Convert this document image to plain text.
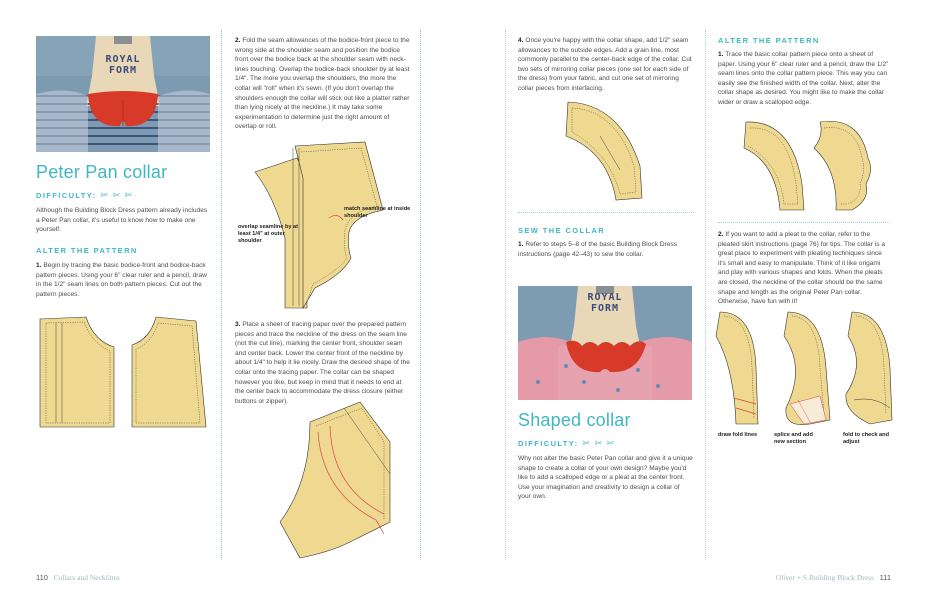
ROYAL FORM
Peter Pan collar
DIFFICULTY: ✂ ✂ ✂
Although the Building Block Dress pattern already includes a Peter Pan collar, it's useful to know how to make one yourself.
ALTER THE PATTERN
1. Begin by tracing the basic bodice-front and bodice-back pattern pieces. Using your 6" clear ruler and a pencil, draw in the 1/2" seam lines on both pattern pieces. Cut out the pattern pieces.
2. Fold the seam allowances of the bodice-front piece to the wrong side at the shoulder seam and position the bodice front over the bodice back at the shoulder seam with neck-lines touching. Overlap the bodice-back shoulder by at least 1/4". The more you overlap the shoulders, the more the collar will "roll" when it's sewn. (If you don't overlap the shoulders enough the collar will stick out like a platter rather than lying nicely at the neckline.) It may take some experimentation to determine just the right amount of overlap or roll.
match seamline at inside shoulder
overlap seamline by at least 1/4" at outer shoulder
3. Place a sheet of tracing paper over the prepared pattern pieces and trace the neckline of the dress on the seam line (not the cut line), marking the center front, shoulder seam and center back. Lower the center front of the neckline by about 1/4" to help it lie nicely. Draw the desired shape of the collar onto the tracing paper. The collar can be shaped however you like, but keep in mind that it needs to end at the center back to accommodate the dress closure (either buttons or zipper).
110 Collars and Necklines
4. Once you're happy with the collar shape, add 1/2" seam allowances to the outside edges. Add a grain line, most commonly parallel to the center-back edge of the collar. Cut two sets of mirroring collar pieces (one set for each side of the dress) from your fabric, and cut one set of mirroring collar pieces from interfacing.
SEW THE COLLAR
1. Refer to steps 5–8 of the basic Building Block Dress instructions (page 42–43) to sew the collar.
ROYAL FORM
Shaped collar
DIFFICULTY: ✂ ✂ ✂
Why not alter the basic Peter Pan collar and give it a unique shape to create a collar of your own design? Maybe you'd like to add a scalloped edge or a pleat at the center front. Use your imagination and creativity to design a collar of your own.
ALTER THE PATTERN
1. Trace the basic collar pattern piece onto a sheet of paper. Using your 6" clear ruler and a pencil, draw the 1/2" seam lines onto the collar pattern piece. This way you can easily see the finished width of the collar. Next, alter the collar shape as desired. You might like to make the collar wider or draw a scalloped edge.
2. If you want to add a pleat to the collar, refer to the pleated skirt instructions (page 76) for tips. The collar is a great place to experiment with pleating techniques since it's small and easy to manipulate. Think of it like origami and play with various shapes and folds. When the pleats are closed, the neckline of the collar should be the same shape and length as the original Peter Pan collar. Otherwise, have fun with it!
draw fold lines	splice and add new section
fold to check and adjust
Oliver + S Building Block Dress 111
